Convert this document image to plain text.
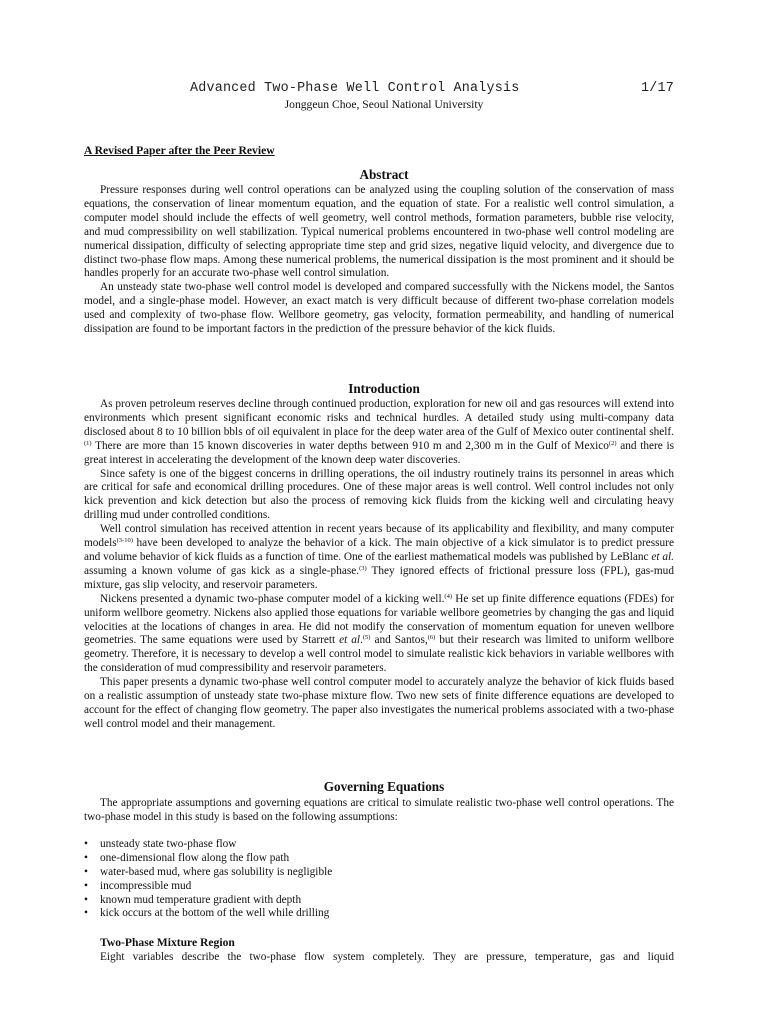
Advanced Two-Phase Well Control Analysis	1/17
Jonggeun Choe, Seoul National University
A Revised Paper after the Peer Review
Abstract

Pressure responses during well control operations can be analyzed using the coupling solution of the conservation of mass equations, the conservation of linear momentum equation, and the equation of state. For a realistic well control simulation, a computer model should include the effects of well geometry, well control methods, formation parameters, bubble rise velocity, and mud compressibility on well stabilization. Typical numerical problems encountered in two-phase well control modeling are numerical dissipation, difficulty of selecting appropriate time step and grid sizes, negative liquid velocity, and divergence due to distinct two-phase flow maps. Among these numerical problems, the numerical dissipation is the most prominent and it should be handles properly for an accurate two-phase well control simulation.

An unsteady state two-phase well control model is developed and compared successfully with the Nickens model, the Santos model, and a single-phase model. However, an exact match is very difficult because of different two-phase correlation models used and complexity of two-phase flow. Wellbore geometry, gas velocity, formation permeability, and handling of numerical dissipation are found to be important factors in the prediction of the pressure behavior of the kick fluids.

Introduction

As proven petroleum reserves decline through continued production, exploration for new oil and gas resources will extend into environments which present significant economic risks and technical hurdles. A detailed study using multi-company data disclosed about 8 to 10 billion bbls of oil equivalent in place for the deep water area of the Gulf of Mexico outer continental shelf.$^{(1)}$ There are more than 15 known discoveries in water depths between 910 m and 2,300 m in the Gulf of Mexico$^{(2)}$ and there is great interest in accelerating the development of the known deep water discoveries.

Since safety is one of the biggest concerns in drilling operations, the oil industry routinely trains its personnel in areas which are critical for safe and economical drilling procedures. One of these major areas is well control. Well control includes not only kick prevention and kick detection but also the process of removing kick fluids from the kicking well and circulating heavy drilling mud under controlled conditions.

Well control simulation has received attention in recent years because of its applicability and flexibility, and many computer models$^{(3-10)}$ have been developed to analyze the behavior of a kick. The main objective of a kick simulator is to predict pressure and volume behavior of kick fluids as a function of time. One of the earliest mathematical models was published by LeBlanc et al. assuming a known volume of gas kick as a single-phase.$^{(3)}$ They ignored effects of frictional pressure loss (FPL), gas-mud mixture, gas slip velocity, and reservoir parameters.

Nickens presented a dynamic two-phase computer model of a kicking well.$^{(4)}$ He set up finite difference equations (FDEs) for uniform wellbore geometry. Nickens also applied those equations for variable wellbore geometries by changing the gas and liquid velocities at the locations of changes in area. He did not modify the conservation of momentum equation for uneven wellbore geometries. The same equations were used by Starrett et al.$^{(5)}$ and Santos,$^{(6)}$ but their research was limited to uniform wellbore geometry. Therefore, it is necessary to develop a well control model to simulate realistic kick behaviors in variable wellbores with the consideration of mud compressibility and reservoir parameters.

This paper presents a dynamic two-phase well control computer model to accurately analyze the behavior of kick fluids based on a realistic assumption of unsteady state two-phase mixture flow. Two new sets of finite difference equations are developed to account for the effect of changing flow geometry. The paper also investigates the numerical problems associated with a two-phase well control model and their management.

Governing Equations

The appropriate assumptions and governing equations are critical to simulate realistic two-phase well control operations. The two-phase model in this study is based on the following assumptions:

• unsteady state two-phase flow
• one-dimensional flow along the flow path
• water-based mud, where gas solubility is negligible
• incompressible mud
• known mud temperature gradient with depth
• kick occurs at the bottom of the well while drilling
Two-Phase Mixture Region

Eight variables describe the two-phase flow system completely. They are pressure, temperature, gas and liquid
